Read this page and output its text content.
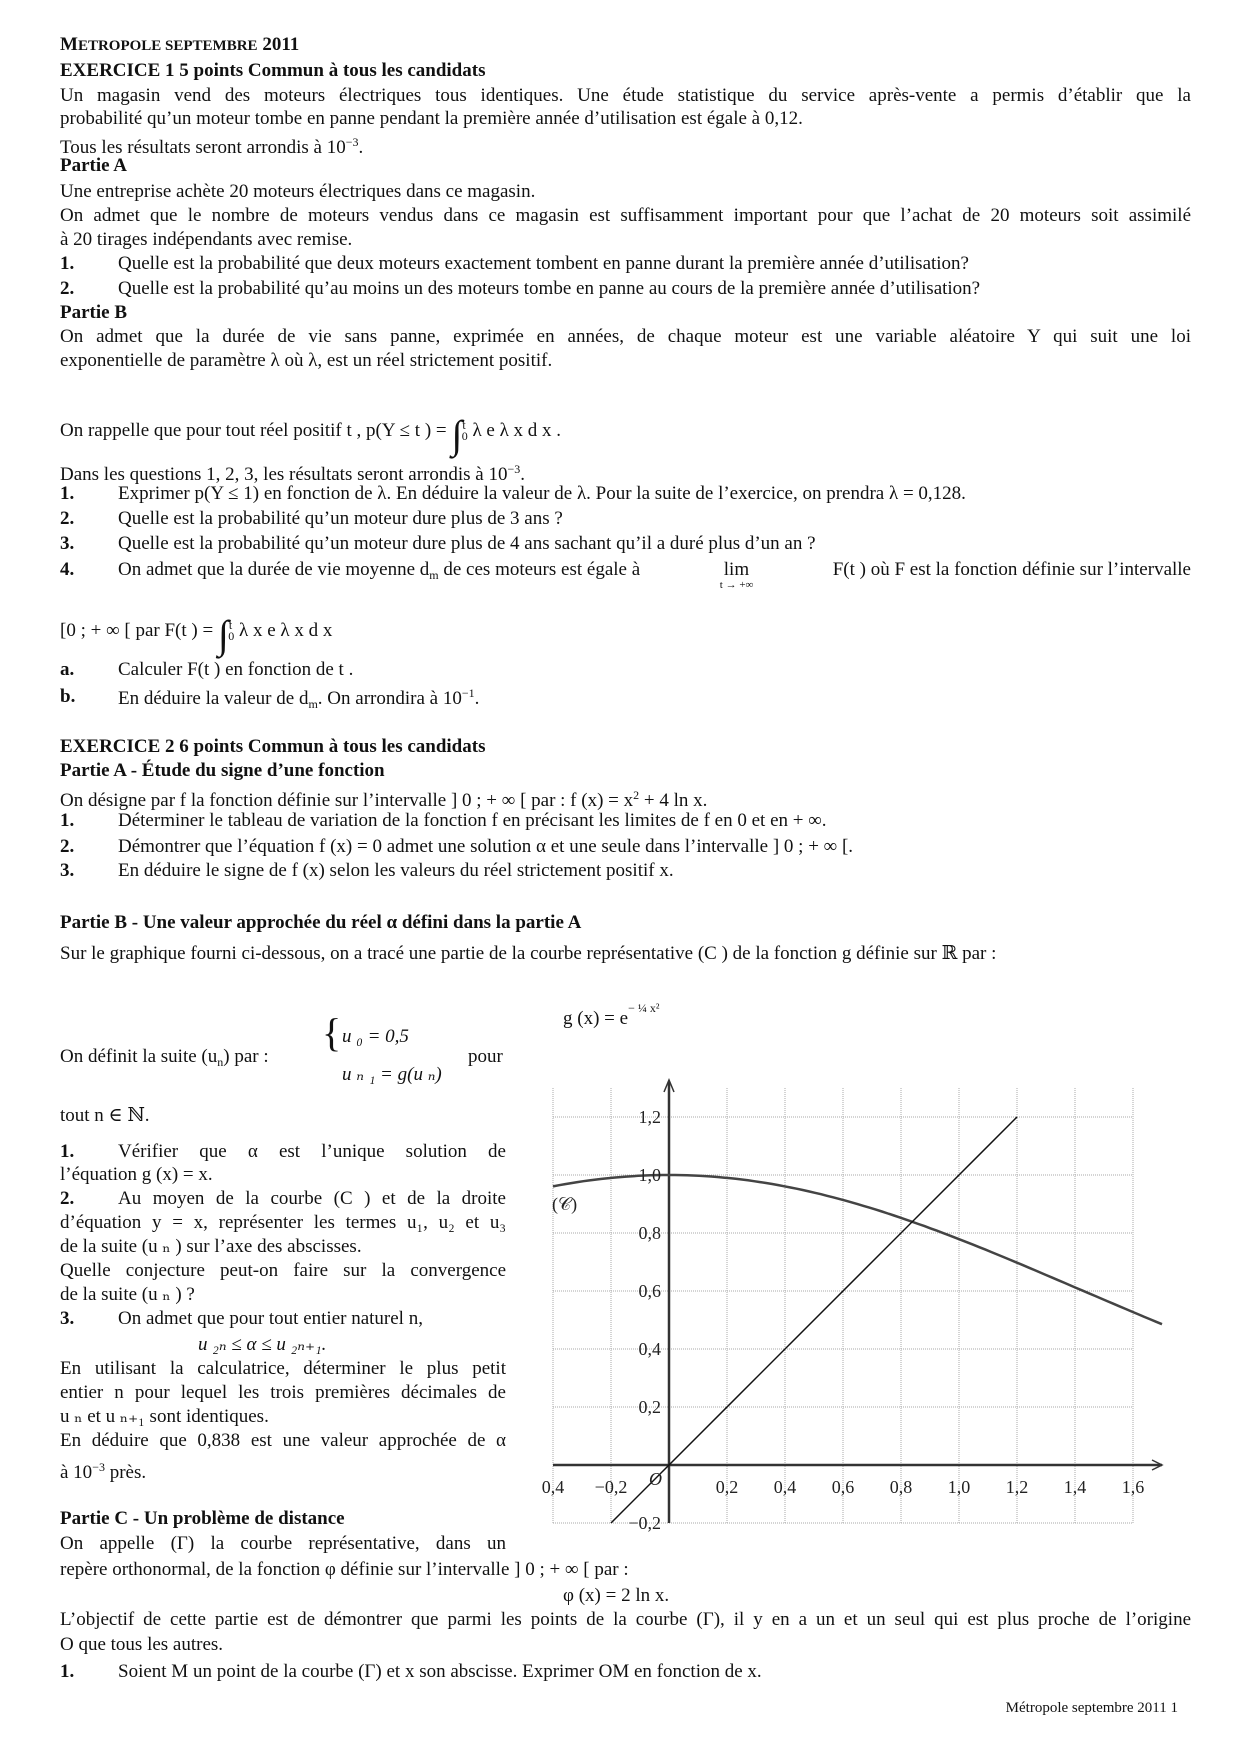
METROPOLE SEPTEMBRE 2011
EXERCICE 1 5 points Commun à tous les candidats
Un magasin vend des moteurs électriques tous identiques. Une étude statistique du service après-vente a permis d’établir que la
probabilité qu’un moteur tombe en panne pendant la première année d’utilisation est égale à 0,12.
Tous les résultats seront arrondis à $10^{-3}$.
Partie A
Une entreprise achète 20 moteurs électriques dans ce magasin.
On admet que le nombre de moteurs vendus dans ce magasin est suffisamment important pour que l’achat de 20 moteurs soit assimilé
à 20 tirages indépendants avec remise.
1. Quelle est la probabilité que deux moteurs exactement tombent en panne durant la première année d’utilisation?
2. Quelle est la probabilité qu’au moins un des moteurs tombe en panne au cours de la première année d’utilisation?
Partie B
On admet que la durée de vie sans panne, exprimée en années, de chaque moteur est une variable aléatoire Y qui suit une loi
exponentielle de paramètre λ où λ, est un réel strictement positif.
On rappelle que pour tout réel positif t , p(Y ≤ t ) = ∫$^t_0$ λ e λ x d x .
Dans les questions 1, 2, 3, les résultats seront arrondis à $10^{-3}$.
1. Exprimer p(Y ≤ 1) en fonction de λ. En déduire la valeur de λ. Pour la suite de l’exercice, on prendra λ = 0,128.
2. Quelle est la probabilité qu’un moteur dure plus de 3 ans ?
3. Quelle est la probabilité qu’un moteur dure plus de 4 ans sachant qu’il a duré plus d’un an ?
4. On admet que la durée de vie moyenne $d_m$ de ces moteurs est égale à	lim
t → +∞
F(t ) où F est la fonction définie sur l’intervalle
[0 ; + ∞ [ par F(t ) = ∫$^t_0$ λ x e λ x d x
a. Calculer F(t ) en fonction de t .
b. En déduire la valeur de $d_m$. On arrondira à $10^{-1}$.
EXERCICE 2 6 points Commun à tous les candidats
Partie A - Étude du signe d’une fonction
On désigne par f la fonction définie sur l’intervalle ] 0 ; + ∞ [ par : f $(x) = x^2 + 4$ ln x.
1. Déterminer le tableau de variation de la fonction f en précisant les limites de f en 0 et en + ∞.
2. Démontrer que l’équation f (x) = 0 admet une solution α et une seule dans l’intervalle ] 0 ; + ∞ [.
3. En déduire le signe de f (x) selon les valeurs du réel strictement positif x.
Partie B - Une valeur approchée du réel α défini dans la partie A
Sur le graphique fourni ci-dessous, on a tracé une partie de la courbe représentative (C ) de la fonction g définie sur ℝ par :
g $(x) = e^{- \frac{1}{4} x^2}$
On définit la suite $(u_n)$ par :
{ u ₀ = 0,5
u ₙ ₁ = g(u ₙ)
pour
tout n ∈ ℕ.
1. Vérifier que α est l’unique solution de
l’équation g (x) = x.
2. Au moyen de la courbe (C ) et de la droite
d’équation y = x, représenter les termes u₁, u₂ et u₃
de la suite (u ₙ ) sur l’axe des abscisses.
Quelle conjecture peut-on faire sur la convergence
de la suite (u ₙ ) ?
3. On admet que pour tout entier naturel n,
u ₂ₙ ≤ α ≤ u ₂ₙ₊₁.
En utilisant la calculatrice, déterminer le plus petit
entier n pour lequel les trois premières décimales de
u ₙ et u ₙ₊₁ sont identiques.
En déduire que 0,838 est une valeur approchée de α
à $10^{-3}$ près.
Partie C - Un problème de distance
On appelle (Γ) la courbe représentative, dans un
repère orthonormal, de la fonction φ définie sur l’intervalle ] 0 ; + ∞ [ par :
φ (x) = 2 ln x.
L’objectif de cette partie est de démontrer que parmi les points de la courbe (Γ), il y en a un et un seul qui est plus proche de l’origine
O que tous les autres.
1. Soient M un point de la courbe (Γ) et x son abscisse. Exprimer OM en fonction de x.
0,4 −0,2	0,2 0,4 0,6 0,8 1,0 1,2 1,4 1,6
−0,2
0,2
0,4
0,6
0,8
1,0
1,2
O
(𝒞)
Métropole septembre 2011 1
